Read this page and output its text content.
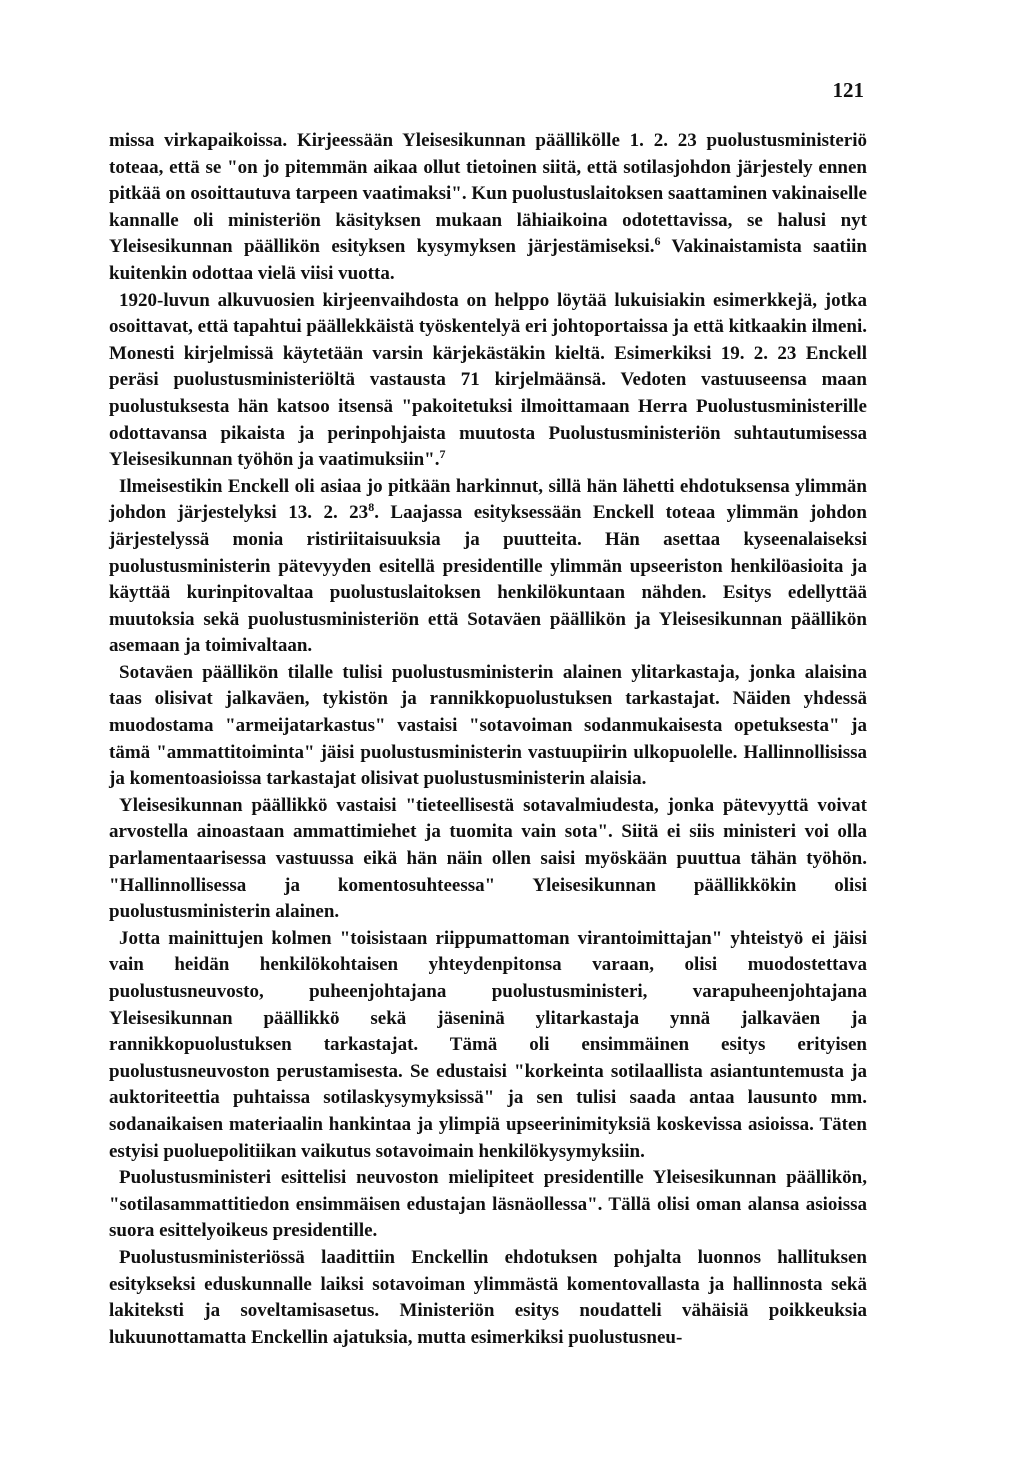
121

missa virkapaikoissa. Kirjeessään Yleisesikunnan päällikölle 1. 2. 23 puolustusministeriö toteaa, että se "on jo pitemmän aikaa ollut tietoinen siitä, että sotilasjohdon järjestely ennen pitkää on osoittautuva tarpeen vaatimaksi". Kun puolustuslaitoksen saattaminen vakinaiselle kannalle oli ministeriön käsityksen mukaan lähiaikoina odotettavissa, se halusi nyt Yleisesikunnan päällikön esityksen kysymyksen järjestämiseksi.$^6$ Vakinaistamista saatiin kuitenkin odottaa vielä viisi vuotta.

1920-luvun alkuvuosien kirjeenvaihdosta on helppo löytää lukuisiakin esimerkkejä, jotka osoittavat, että tapahtui päällekkäistä työskentelyä eri johtoportaissa ja että kitkaakin ilmeni. Monesti kirjelmissä käytetään varsin kärjekästäkin kieltä. Esimerkiksi 19. 2. 23 Enckell peräsi puolustusministeriöltä vastausta 71 kirjelmäänsä. Vedoten vastuuseensa maan puolustuksesta hän katsoo itsensä "pakoitetuksi ilmoittamaan Herra Puolustusministerille odottavansa pikaista ja perinpohjaista muutosta Puolustusministeriön suhtautumisessa Yleisesikunnan työhön ja vaatimuksiin".$^7$

Ilmeisestikin Enckell oli asiaa jo pitkään harkinnut, sillä hän lähetti ehdotuksensa ylimmän johdon järjestelyksi 13. 2. $23^8$. Laajassa esityksessään Enckell toteaa ylimmän johdon järjestelyssä monia ristiriitaisuuksia ja puutteita. Hän asettaa kyseenalaiseksi puolustusministerin pätevyyden esitellä presidentille ylimmän upseeriston henkilöasioita ja käyttää kurinpitovaltaa puolustuslaitoksen henkilökuntaan nähden. Esitys edellyttää muutoksia sekä puolustusministeriön että Sotaväen päällikön ja Yleisesikunnan päällikön asemaan ja toimivaltaan.

Sotaväen päällikön tilalle tulisi puolustusministerin alainen ylitarkastaja, jonka alaisina taas olisivat jalkaväen, tykistön ja rannikkopuolustuksen tarkastajat. Näiden yhdessä muodostama "armeijatarkastus" vastaisi "sotavoiman sodanmukaisesta opetuksesta" ja tämä "ammattitoiminta" jäisi puolustusministerin vastuupiirin ulkopuolelle. Hallinnollisissa ja komentoasioissa tarkastajat olisivat puolustusministerin alaisia.

Yleisesikunnan päällikkö vastaisi "tieteellisestä sotavalmiudesta, jonka pätevyyttä voivat arvostella ainoastaan ammattimiehet ja tuomita vain sota". Siitä ei siis ministeri voi olla parlamentaarisessa vastuussa eikä hän näin ollen saisi myöskään puuttua tähän työhön. "Hallinnollisessa ja komentosuhteessa" Yleisesikunnan päällikkökin olisi puolustusministerin alainen.

Jotta mainittujen kolmen "toisistaan riippumattoman virantoimittajan" yhteistyö ei jäisi vain heidän henkilökohtaisen yhteydenpitonsa varaan, olisi muodostettava puolustusneuvosto, puheenjohtajana puolustusministeri, varapuheenjohtajana Yleisesikunnan päällikkö sekä jäseninä ylitarkastaja ynnä jalkaväen ja rannikkopuolustuksen tarkastajat. Tämä oli ensimmäinen esitys erityisen puolustusneuvoston perustamisesta. Se edustaisi "korkeinta sotilaallista asiantuntemusta ja auktoriteettia puhtaissa sotilaskysymyksissä" ja sen tulisi saada antaa lausunto mm. sodanaikaisen materiaalin hankintaa ja ylimpiä upseerinimityksiä koskevissa asioissa. Täten estyisi puoluepolitiikan vaikutus sotavoimain henkilökysymyksiin.

Puolustusministeri esittelisi neuvoston mielipiteet presidentille Yleisesikunnan päällikön, "sotilasammattitiedon ensimmäisen edustajan läsnäollessa". Tällä olisi oman alansa asioissa suora esittelyoikeus presidentille.

Puolustusministeriössä laadittiin Enckellin ehdotuksen pohjalta luonnos hallituksen esitykseksi eduskunnalle laiksi sotavoiman ylimmästä komentovallasta ja hallinnosta sekä lakiteksti ja soveltamisasetus. Ministeriön esitys noudatteli vähäisiä poikkeuksia lukuunottamatta Enckellin ajatuksia, mutta esimerkiksi puolustusneu-
